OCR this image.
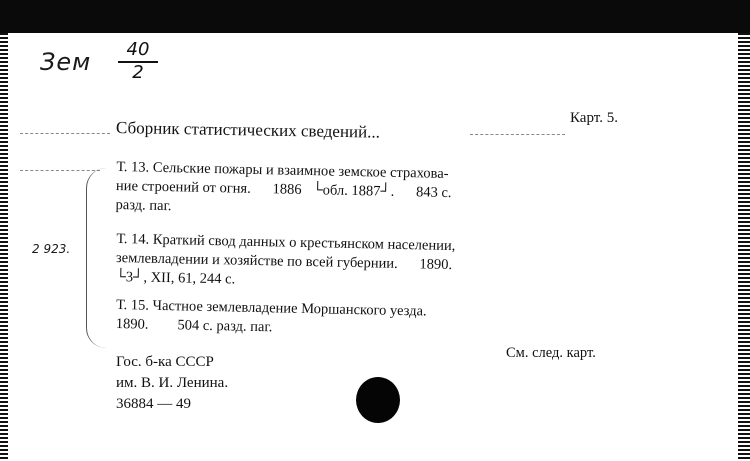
Зем $\frac{40}{2}$
Сборник статистических сведений...
Карт. 5.
2 923.
Т. 13. Сельские пожары и взаимное земское страхова-
ние строений от огня.      1886   └обл. 1887┘.      843 с.
разд. паг.
Т. 14. Краткий свод данных о крестьянском населении,
землевладении и хозяйстве по всей губернии.      1890.
└3┘, XII, 61, 244 с.
Т. 15. Частное землевладение Моршанского уезда.
1890.        504 с. разд. паг.
См. след. карт.
Гос. б-ка СССР
им. В. И. Ленина.
36884 — 49
